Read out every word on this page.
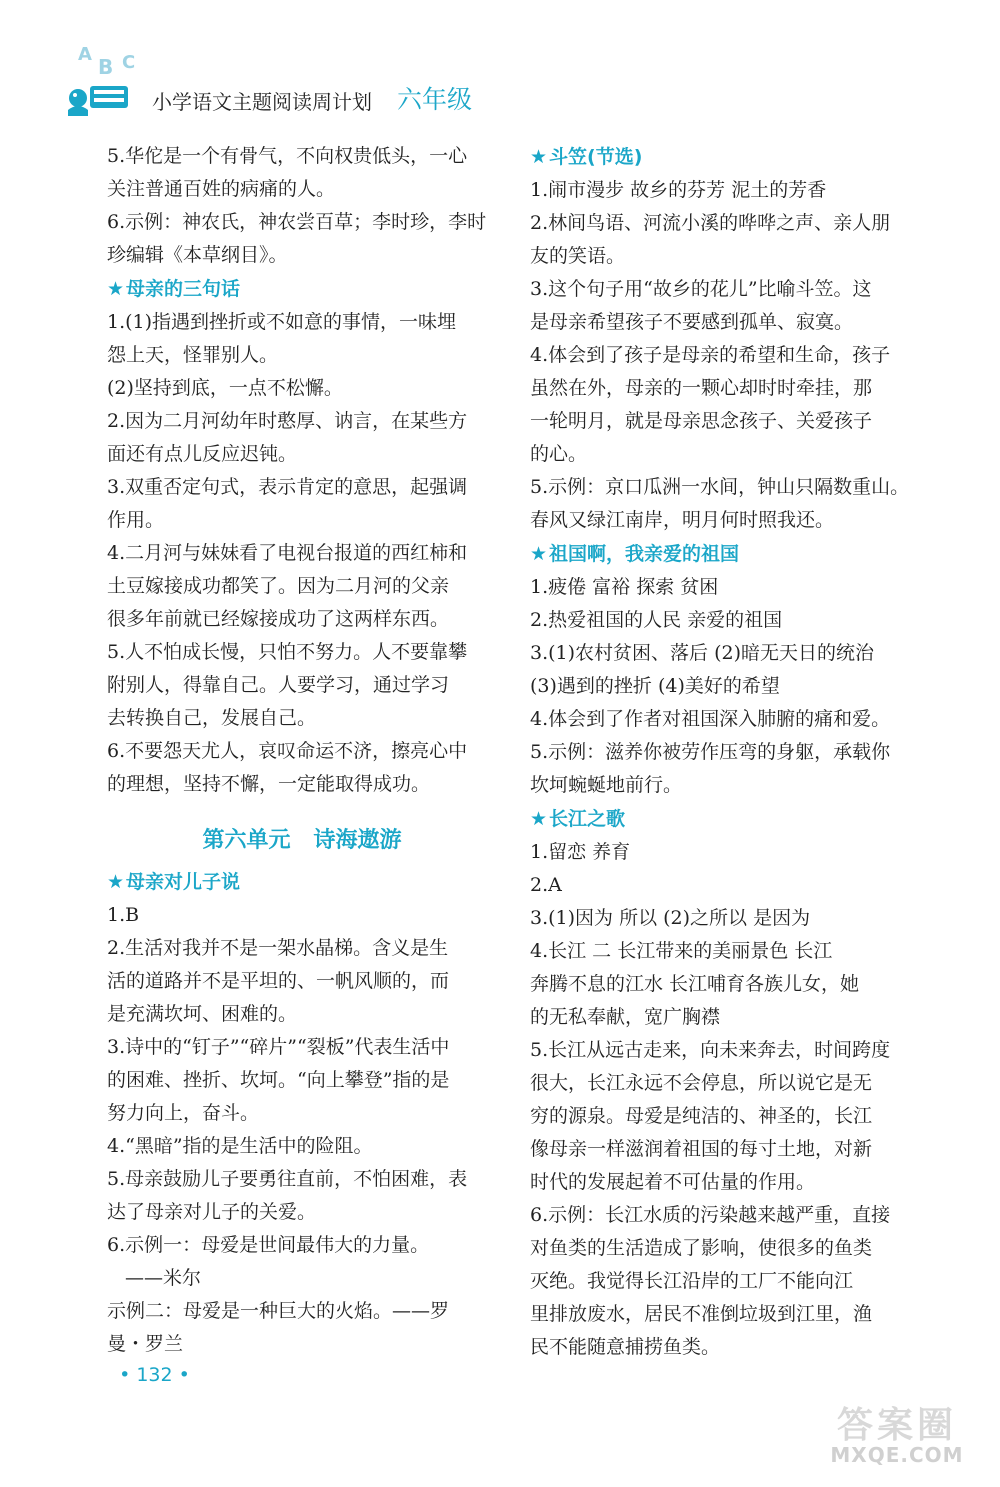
A
B C
小学语文主题阅读周计划 六年级
5.华佗是一个有骨气，不向权贵低头，一心
关注普通百姓的病痛的人。
6.示例：神农氏，神农尝百草；李时珍，李时
珍编辑《本草纲目》。
★ 母亲的三句话
1.(1)指遇到挫折或不如意的事情，一味埋
怨上天，怪罪别人。
(2)坚持到底，一点不松懈。
2.因为二月河幼年时憨厚、讷言，在某些方
面还有点儿反应迟钝。
3.双重否定句式，表示肯定的意思，起强调
作用。
4.二月河与妹妹看了电视台报道的西红柿和
土豆嫁接成功都笑了。因为二月河的父亲
很多年前就已经嫁接成功了这两样东西。
5.人不怕成长慢，只怕不努力。人不要靠攀
附别人，得靠自己。人要学习，通过学习
去转换自己，发展自己。
6.不要怨天尤人，哀叹命运不济，擦亮心中
的理想，坚持不懈，一定能取得成功。
第六单元   诗海遨游
★ 母亲对儿子说
1.B
2.生活对我并不是一架水晶梯。含义是生
活的道路并不是平坦的、一帆风顺的，而
是充满坎坷、困难的。
3.诗中的“钉子”“碎片”“裂板”代表生活中
的困难、挫折、坎坷。“向上攀登”指的是
努力向上，奋斗。
4.“黑暗”指的是生活中的险阻。
5.母亲鼓励儿子要勇往直前，不怕困难，表
达了母亲对儿子的关爱。
6.示例一：母爱是世间最伟大的力量。
——米尔
示例二：母爱是一种巨大的火焰。——罗
曼・罗兰
★ 斗笠(节选)
1.闹市漫步 故乡的芬芳 泥土的芳香
2.林间鸟语、河流小溪的哗哗之声、亲人朋
友的笑语。
3.这个句子用“故乡的花儿”比喻斗笠。这
是母亲希望孩子不要感到孤单、寂寞。
4.体会到了孩子是母亲的希望和生命，孩子
虽然在外，母亲的一颗心却时时牵挂，那
一轮明月，就是母亲思念孩子、关爱孩子
的心。
5.示例：京口瓜洲一水间，钟山只隔数重山。
春风又绿江南岸，明月何时照我还。
★ 祖国啊，我亲爱的祖国
1.疲倦 富裕 探索 贫困
2.热爱祖国的人民 亲爱的祖国
3.(1)农村贫困、落后 (2)暗无天日的统治
(3)遇到的挫折 (4)美好的希望
4.体会到了作者对祖国深入肺腑的痛和爱。
5.示例：滋养你被劳作压弯的身躯，承载你
坎坷蜿蜒地前行。
★ 长江之歌
1.留恋 养育
2.A
3.(1)因为 所以 (2)之所以 是因为
4.长江 二 长江带来的美丽景色 长江
奔腾不息的江水 长江哺育各族儿女，她
的无私奉献，宽广胸襟
5.长江从远古走来，向未来奔去，时间跨度
很大，长江永远不会停息，所以说它是无
穷的源泉。母爱是纯洁的、神圣的，长江
像母亲一样滋润着祖国的每寸土地，对新
时代的发展起着不可估量的作用。
6.示例：长江水质的污染越来越严重，直接
对鱼类的生活造成了影响，使很多的鱼类
灭绝。我觉得长江沿岸的工厂不能向江
里排放废水，居民不准倒垃圾到江里，渔
民不能随意捕捞鱼类。

• 132 •

答案圈
MXQE.COM
